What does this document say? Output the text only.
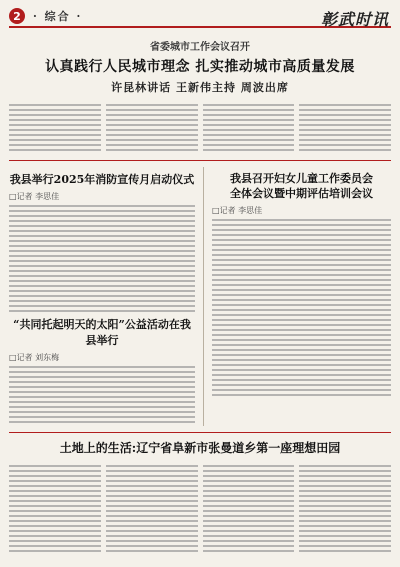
2	· 综合 ·	彰武时讯
省委城市工作会议召开
认真践行人民城市理念 扎实推动城市高质量发展
许昆林讲话 王新伟主持 周波出席
我县举行2025年消防宣传月启动仪式
□记者 李思佳
“共同托起明天的太阳”公益活动在我县举行
□记者 刘东梅
我县召开妇女儿童工作委员会
全体会议暨中期评估培训会议
□记者 李思佳
土地上的生活:辽宁省阜新市张曼道乡第一座理想田园
